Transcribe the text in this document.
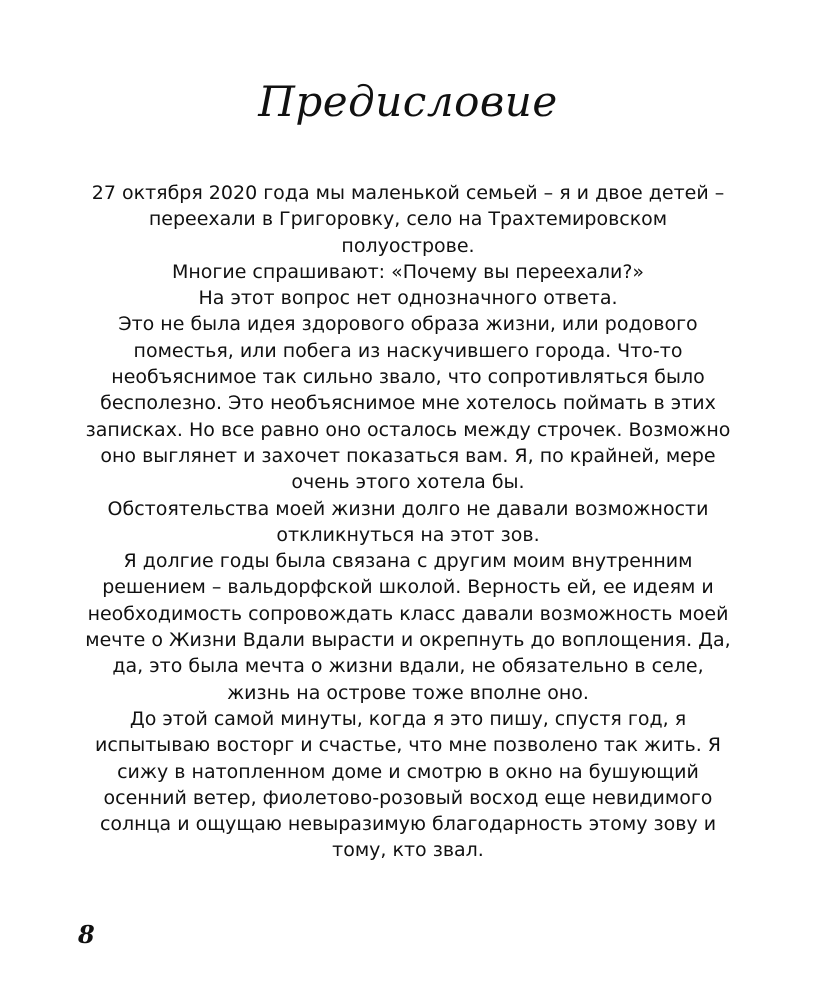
Предисловие

27 октября 2020 года мы маленькой семьей – я и двое детей – переехали в Григоровку, село на Трахтемировском полуострове.

Многие спрашивают: «Почему вы переехали?»

На этот вопрос нет однозначного ответа.

Это не была идея здорового образа жизни, или родового поместья, или побега из наскучившего города. Что-то необъяснимое так сильно звало, что сопротивляться было бесполезно. Это необъяснимое мне хотелось поймать в этих записках. Но все равно оно осталось между строчек. Возможно оно выглянет и захочет показаться вам. Я, по крайней, мере очень этого хотела бы.

Обстоятельства моей жизни долго не давали возможности откликнуться на этот зов.

Я долгие годы была связана с другим моим внутренним решением – вальдорфской школой. Верность ей, ее идеям и необходимость сопровождать класс давали возможность моей мечте о Жизни Вдали вырасти и окрепнуть до воплощения. Да, да, это была мечта о жизни вдали, не обязательно в селе, жизнь на острове тоже вполне оно.

До этой самой минуты, когда я это пишу, спустя год, я испытываю восторг и счастье, что мне позволено так жить. Я сижу в натопленном доме и смотрю в окно на бушующий осенний ветер, фиолетово-розовый восход еще невидимого солнца и ощущаю невыразимую благодарность этому зову и тому, кто звал.

8
